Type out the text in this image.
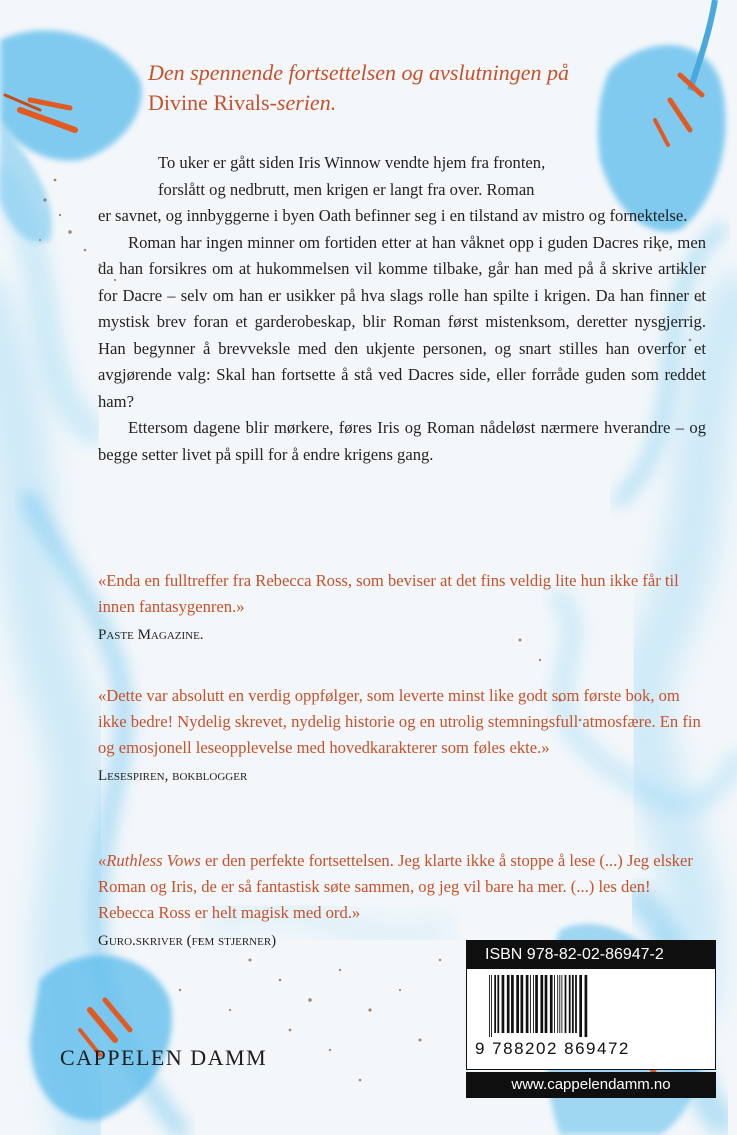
Den spennende fortsettelsen og avslutningen på
Divine Rivals-serien.

To uker er gått siden Iris Winnow vendte hjem fra fronten,
forslått og nedbrutt, men krigen er langt fra over. Roman

er savnet, og innbyggerne i byen Oath befinner seg i en tilstand av mistro og fornektelse.

Roman har ingen minner om fortiden etter at han våknet opp i guden Dacres rike, men da han forsikres om at hukommelsen vil komme tilbake, går han med på å skrive artikler for Dacre – selv om han er usikker på hva slags rolle han spilte i krigen. Da han finner et mystisk brev foran et garderobeskap, blir Roman først mistenksom, deretter nysgjerrig. Han begynner å brevveksle med den ukjente personen, og snart stilles han overfor et avgjørende valg: Skal han fortsette å stå ved Dacres side, eller forråde guden som reddet ham?

Ettersom dagene blir mørkere, føres Iris og Roman nådeløst nærmere hverandre – og begge setter livet på spill for å endre krigens gang.

«Enda en fulltreffer fra Rebecca Ross, som beviser at det fins veldig lite hun ikke får til innen fantasygenren.»
Paste Magazine.
«Dette var absolutt en verdig oppfølger, som leverte minst like godt som første bok, om ikke bedre! Nydelig skrevet, nydelig historie og en utrolig stemningsfull atmosfære. En fin og emosjonell leseopplevelse med hovedkarakterer som føles ekte.»
Lesespiren, bokblogger
«Ruthless Vows er den perfekte fortsettelsen. Jeg klarte ikke å stoppe å lese (...) Jeg elsker Roman og Iris, de er så fantastisk søte sammen, og jeg vil bare ha mer. (...) les den! Rebecca Ross er helt magisk med ord.»
Guro.skriver (fem stjerner)
CAPPELEN DAMM
ISBN 978-82-02-86947-2
9 788202 869472
www.cappelendamm.no
